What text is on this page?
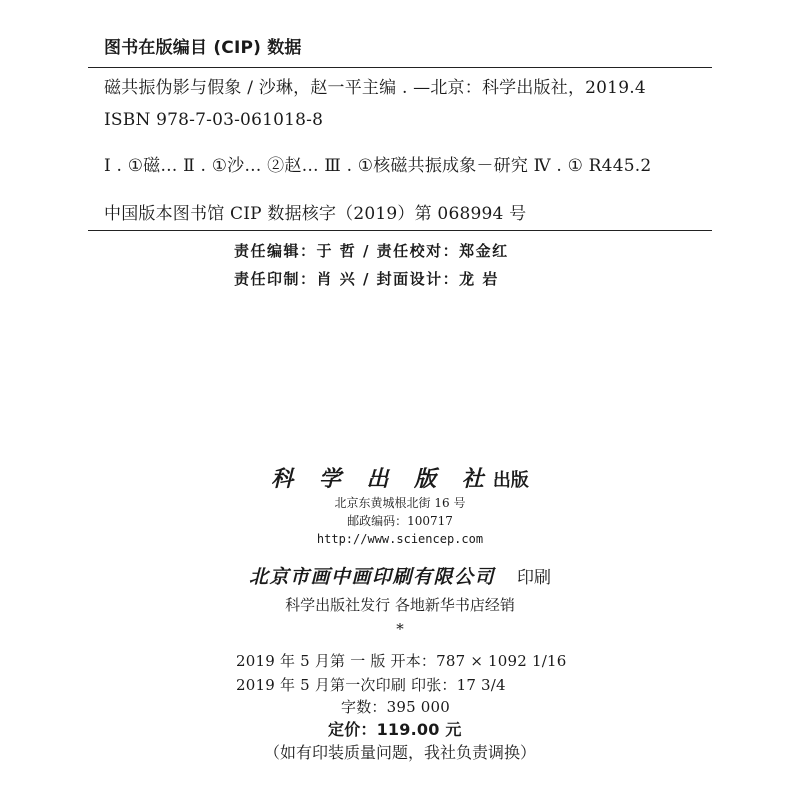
图书在版编目 (CIP) 数据
磁共振伪影与假象 / 沙琳，赵一平主编 . —北京：科学出版社，2019.4
ISBN 978-7-03-061018-8
Ⅰ . ①磁… Ⅱ . ①沙… ②赵… Ⅲ . ①核磁共振成象－研究 Ⅳ . ① R445.2
中国版本图书馆 CIP 数据核字（2019）第 068994 号
责任编辑：于 哲 / 责任校对：郑金红
责任印制：肖 兴 / 封面设计：龙 岩
科 学 出 版 社出版
北京东黄城根北街 16 号
邮政编码：100717
http://www.sciencep.com
北京市画中画印刷有限公司 印刷
科学出版社发行 各地新华书店经销
*
2019 年 5 月第 一 版 开本：787 × 1092 1/16
2019 年 5 月第一次印刷 印张：17 3/4
字数：395 000
定价：119.00 元
（如有印装质量问题，我社负责调换）
